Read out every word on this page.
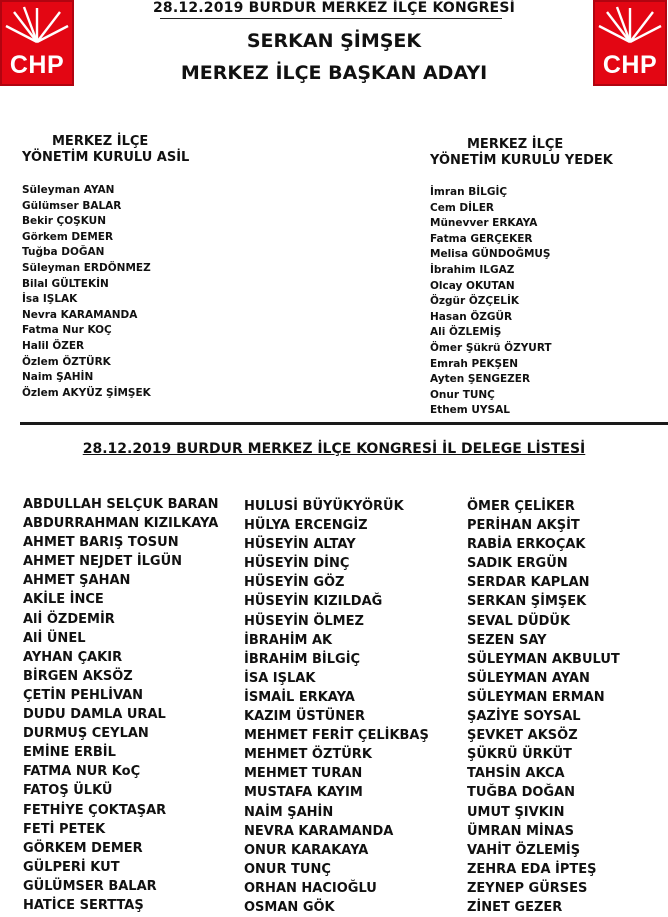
CHP	CHP
28.12.2019 BURDUR MERKEZ İLÇE KONGRESİ
SERKAN ŞİMŞEK
MERKEZ İLÇE BAŞKAN ADAYI
MERKEZ İLÇE
YÖNETİM KURULU ASİL
Süleyman AYAN
Gülümser BALAR
Bekir ÇOŞKUN
Görkem DEMER
Tuğba DOĞAN
Süleyman ERDÖNMEZ
Bilal GÜLTEKİN
İsa IŞLAK
Nevra KARAMANDA
Fatma Nur KOÇ
Halil ÖZER
Özlem ÖZTÜRK
Naim ŞAHİN
Özlem AKYÜZ ŞİMŞEK
MERKEZ İLÇE
YÖNETİM KURULU YEDEK
İmran BİLGİÇ
Cem DİLER
Münevver ERKAYA
Fatma GERÇEKER
Melisa GÜNDOĞMUŞ
İbrahim ILGAZ
Olcay OKUTAN
Özgür ÖZÇELİK
Hasan ÖZGÜR
Ali ÖZLEMİŞ
Ömer Şükrü ÖZYURT
Emrah PEKŞEN
Ayten ŞENGEZER
Onur TUNÇ
Ethem UYSAL
28.12.2019 BURDUR MERKEZ İLÇE KONGRESİ İL DELEGE LİSTESİ
ABDULLAH SELÇUK BARAN
ABDURRAHMAN KIZILKAYA
AHMET BARIŞ TOSUN
AHMET NEJDET İLGÜN
AHMET ŞAHAN
AKİLE İNCE
Alİ ÖZDEMİR
Alİ ÜNEL
AYHAN ÇAKIR
BİRGEN AKSÖZ
ÇETİN PEHLİVAN
DUDU DAMLA URAL
DURMUŞ CEYLAN
EMİNE ERBİL
FATMA NUR KoÇ
FATOŞ ÜLKÜ
FETHİYE ÇOKTAŞAR
FETİ PETEK
GÖRKEM DEMER
GÜLPERİ KUT
GÜLÜMSER BALAR
HATİCE SERTTAŞ
HULUSİ BÜYÜKYÖRÜK
HÜLYA ERCENGİZ
HÜSEYİN ALTAY
HÜSEYİN DİNÇ
HÜSEYİN GÖZ
HÜSEYİN KIZILDAĞ
HÜSEYİN ÖLMEZ
İBRAHİM AK
İBRAHİM BİLGİÇ
İSA IŞLAK
İSMAİL ERKAYA
KAZIM ÜSTÜNER
MEHMET FERİT ÇELİKBAŞ
MEHMET ÖZTÜRK
MEHMET TURAN
MUSTAFA KAYIM
NAİM ŞAHİN
NEVRA KARAMANDA
ONUR KARAKAYA
ONUR TUNÇ
ORHAN HACIOĞLU
OSMAN GÖK
ÖMER ÇELİKER
PERİHAN AKŞİT
RABİA ERKOÇAK
SADIK ERGÜN
SERDAR KAPLAN
SERKAN ŞİMŞEK
SEVAL DÜDÜK
SEZEN SAY
SÜLEYMAN AKBULUT
SÜLEYMAN AYAN
SÜLEYMAN ERMAN
ŞAZİYE SOYSAL
ŞEVKET AKSÖZ
ŞÜKRÜ ÜRKÜT
TAHSİN AKCA
TUĞBA DOĞAN
UMUT ŞIVKIN
ÜMRAN MİNAS
VAHİT ÖZLEMİŞ
ZEHRA EDA İPTEŞ
ZEYNEP GÜRSES
ZİNET GEZER
